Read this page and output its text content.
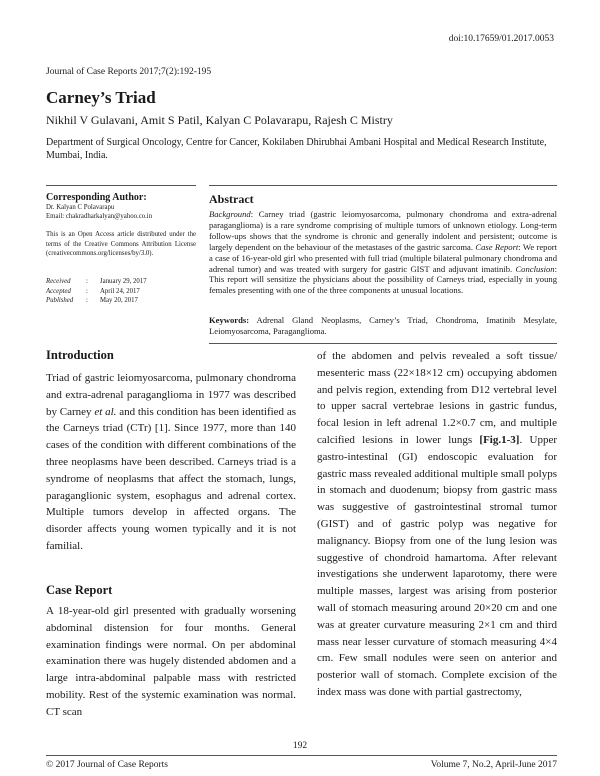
doi:10.17659/01.2017.0053
Journal of Case Reports 2017;7(2):192-195
Carney’s Triad
Nikhil V Gulavani, Amit S Patil, Kalyan C Polavarapu, Rajesh C Mistry
Department of Surgical Oncology, Centre for Cancer, Kokilaben Dhirubhai Ambani Hospital and Medical Research Institute, Mumbai, India.
Corresponding Author:
Dr. Kalyan C Polavarapu
Email: chakradharkalyan@yahoo.co.in
This is an Open Access article distributed under the terms of the Creative Commons Attribution License (creativecommons.org/licenses/by/3.0).
Received	:	January 29, 2017
Accepted	:	April 24, 2017
Published	:	May 20, 2017
Abstract
Background: Carney triad (gastric leiomyosarcoma, pulmonary chondroma and extra-adrenal paraganglioma) is a rare syndrome comprising of multiple tumors of unknown etiology. Long-term follow-ups shows that the syndrome is chronic and generally indolent and persistent; outcome is largely dependent on the behaviour of the metastases of the gastric sarcoma. Case Report: We report a case of 16-year-old girl who presented with full triad (multiple bilateral pulmonary chondroma and adrenal tumor) and was treated with surgery for gastric GIST and adjuvant imatinib. Conclusion: This report will sensitize the physicians about the possibility of Carneys triad, especially in young females presenting with one of the three components at unusual locations.
Keywords: Adrenal Gland Neoplasms, Carney’s Triad, Chondroma, Imatinib Mesylate, Leiomyosarcoma, Paraganglioma.
Introduction
Triad of gastric leiomyosarcoma, pulmonary chondroma and extra-adrenal paraganglioma in 1977 was described by Carney et al. and this condition has been identified as the Carneys triad (CTr) [1]. Since 1977, more than 140 cases of the condition with different combinations of the three neoplasms have been described. Carneys triad is a syndrome of neoplasms that affect the stomach, lungs, paraganglionic system, esophagus and adrenal cortex. Multiple tumors develop in affected organs. The disorder affects young women typically and it is not familial.
Case Report
A 18-year-old girl presented with gradually worsening abdominal distension for four months. General examination findings were normal. On per abdominal examination there was hugely distended abdomen and a large intra-abdominal palpable mass with restricted mobility. Rest of the systemic examination was normal. CT scan
of the abdomen and pelvis revealed a soft tissue/ mesenteric mass (22×18×12 cm) occupying abdomen and pelvis region, extending from D12 vertebral level to upper sacral vertebrae lesions in gastric fundus, focal lesion in left adrenal 1.2×0.7 cm, and multiple calcified lesions in lower lungs [Fig.1-3]. Upper gastro-intestinal (GI) endoscopic evaluation for gastric mass revealed additional multiple small polyps in stomach and duodenum; biopsy from gastric mass was suggestive of gastrointestinal stromal tumor (GIST) and of gastric polyp was negative for malignancy. Biopsy from one of the lung lesion was suggestive of chondroid hamartoma. After relevant investigations she underwent laparotomy, there were multiple masses, largest was arising from posterior wall of stomach measuring around 20×20 cm and one was at greater curvature measuring 2×1 cm and third mass near lesser curvature of stomach measuring 4×4 cm. Few small nodules were seen on anterior and posterior wall of stomach. Complete excision of the index mass was done with partial gastrectomy,
192
© 2017 Journal of Case Reports	Volume 7, No.2, April-June 2017
